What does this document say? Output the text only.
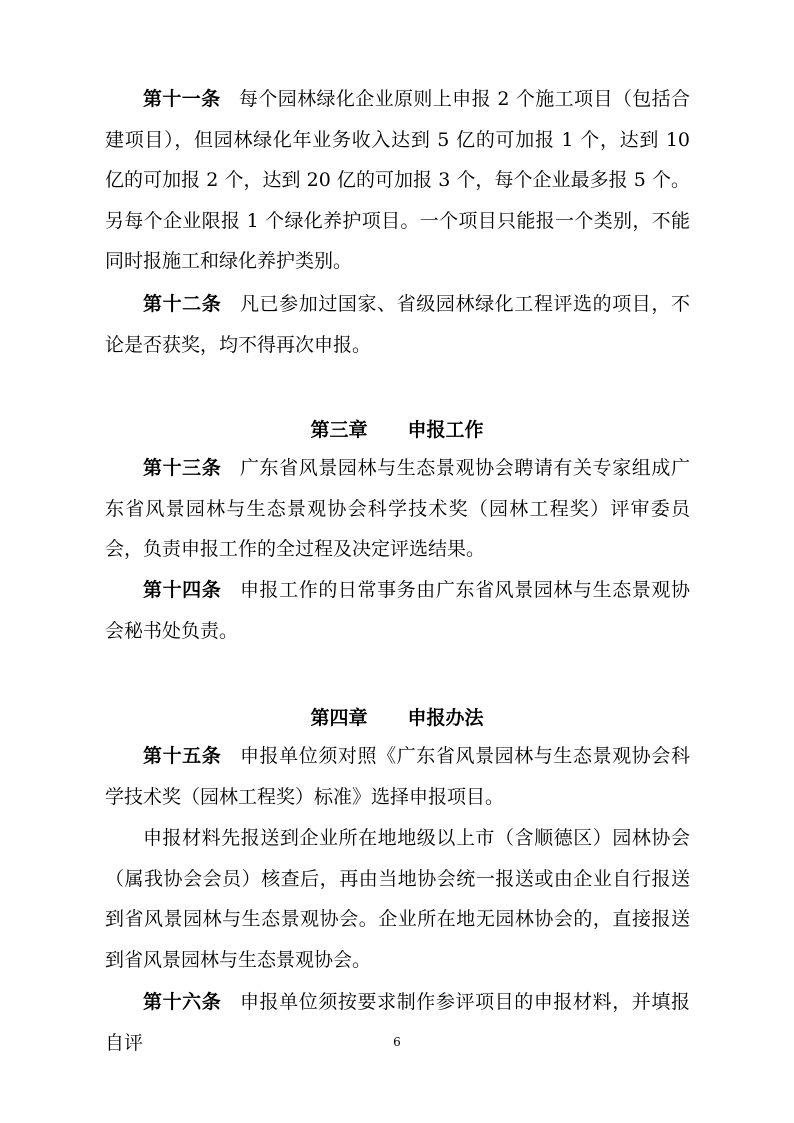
第十一条 每个园林绿化企业原则上申报 2 个施工项目（包括合建项目），但园林绿化年业务收入达到 5 亿的可加报 1 个，达到 10 亿的可加报 2 个，达到 20 亿的可加报 3 个，每个企业最多报 5 个。另每个企业限报 1 个绿化养护项目。一个项目只能报一个类别，不能同时报施工和绿化养护类别。

第十二条 凡已参加过国家、省级园林绿化工程评选的项目，不论是否获奖，均不得再次申报。

第三章 申报工作

第十三条 广东省风景园林与生态景观协会聘请有关专家组成广东省风景园林与生态景观协会科学技术奖（园林工程奖）评审委员会，负责申报工作的全过程及决定评选结果。

第十四条 申报工作的日常事务由广东省风景园林与生态景观协会秘书处负责。

第四章 申报办法

第十五条 申报单位须对照《广东省风景园林与生态景观协会科学技术奖（园林工程奖）标准》选择申报项目。

申报材料先报送到企业所在地地级以上市（含顺德区）园林协会（属我协会会员）核查后，再由当地协会统一报送或由企业自行报送到省风景园林与生态景观协会。企业所在地无园林协会的，直接报送到省风景园林与生态景观协会。

第十六条 申报单位须按要求制作参评项目的申报材料，并填报自评	6
